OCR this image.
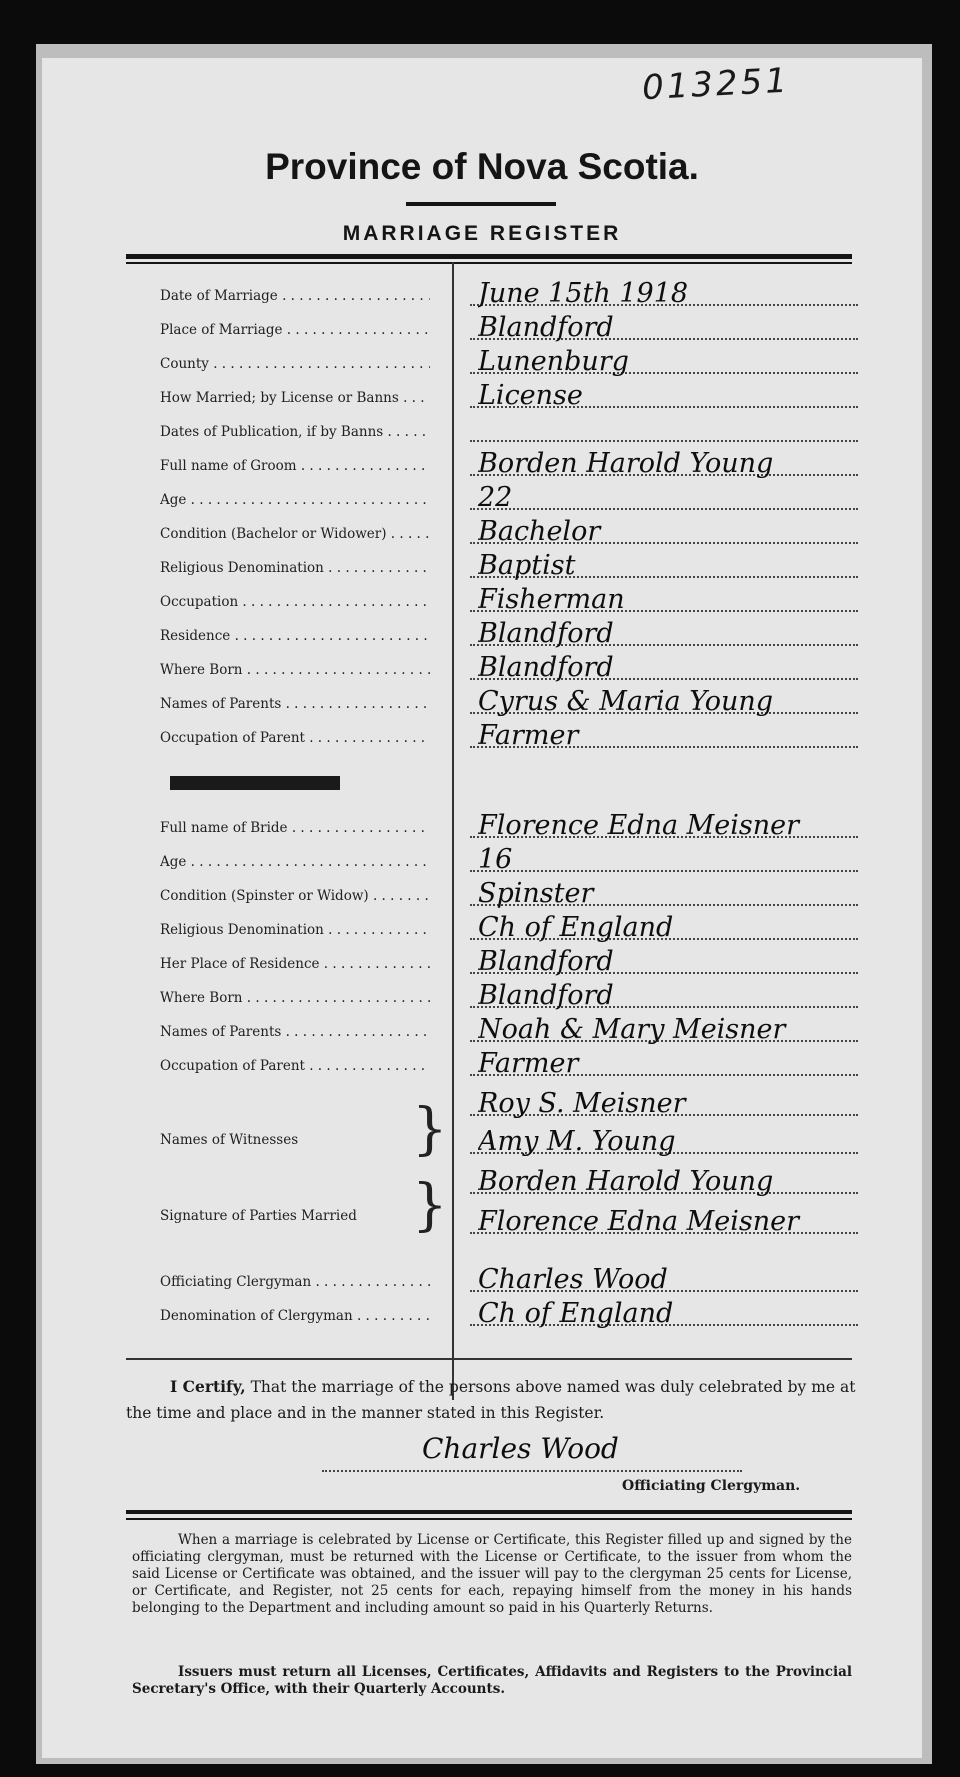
013251
Province of Nova Scotia.
MARRIAGE REGISTER
Date of Marriage . . .	June 15th 1918
Place of Marriage . . .	Blandford
County . . .	Lunenburg
How Married; by License or Banns . . .	License
Dates of Publication, if by Banns . . .
Full name of Groom . . .	Borden Harold Young
Age . . .	22
Condition (Bachelor or Widower) . . .	Bachelor
Religious Denomination . . .	Baptist
Occupation . . .	Fisherman
Residence . . .	Blandford
Where Born . . .	Blandford
Names of Parents . . .	Cyrus & Maria Young
Occupation of Parent . . .	Farmer
Full name of Bride . . .	Florence Edna Meisner
Age . . .	16
Condition (Spinster or Widow) . . .	Spinster
Religious Denomination . . .	Ch of England
Her Place of Residence . . .	Blandford
Where Born . . .	Blandford
Names of Parents . . .	Noah & Mary Meisner
Occupation of Parent . . .	Farmer
Names of Witnesses } Roy S. Meisner
Amy M. Young
Signature of Parties Married } Borden Harold Young
Florence Edna Meisner
Officiating Clergyman . . .	Charles Wood
Denomination of Clergyman . . .	Ch of England
I Certify, That the marriage of the persons above named was duly celebrated by me at the time and place and in the manner stated in this Register.
Charles Wood
Officiating Clergyman.
When a marriage is celebrated by License or Certificate, this Register filled up and signed by the officiating clergyman, must be returned with the License or Certificate, to the issuer from whom the said License or Certificate was obtained, and the issuer will pay to the clergyman 25 cents for License, or Certificate, and Register, not 25 cents for each, repaying himself from the money in his hands belonging to the Department and including amount so paid in his Quarterly Returns.
Issuers must return all Licenses, Certificates, Affidavits and Registers to the Provincial Secretary's Office, with their Quarterly Accounts.
